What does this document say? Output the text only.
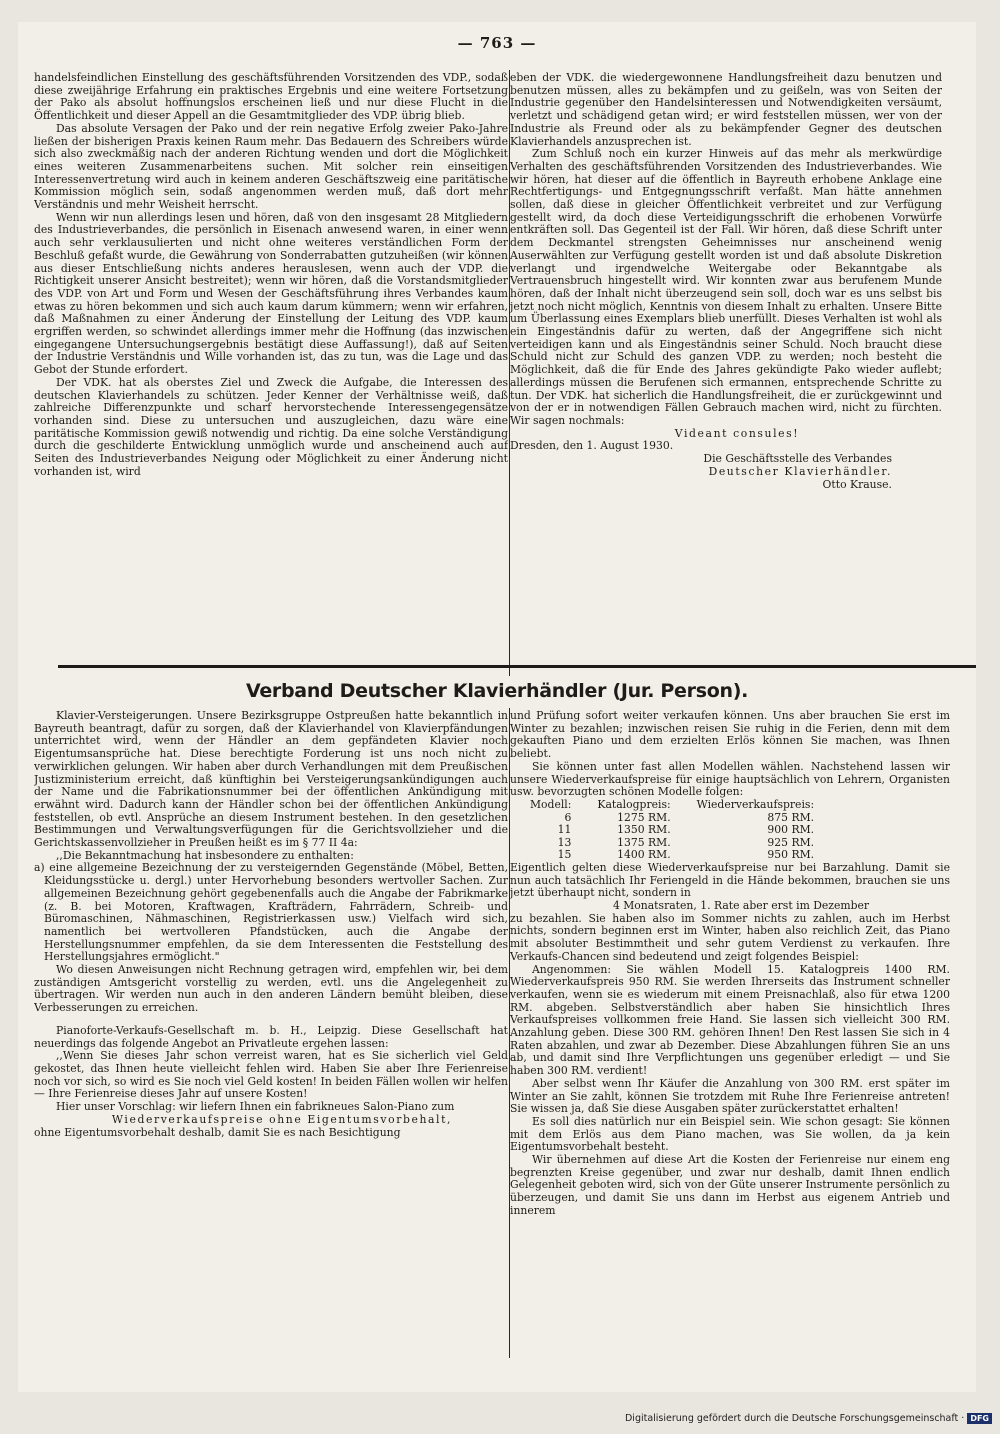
— 763 —

handelsfeindlichen Einstellung des geschäftsführenden Vorsitzenden des VDP., sodaß diese zweijährige Erfahrung ein praktisches Ergebnis und eine weitere Fortsetzung der Pako als absolut hoffnungslos erscheinen ließ und nur diese Flucht in die Öffentlichkeit und dieser Appell an die Gesamtmitglieder des VDP. übrig blieb.

Das absolute Versagen der Pako und der rein negative Erfolg zweier Pako-Jahre ließen der bisherigen Praxis keinen Raum mehr. Das Bedauern des Schreibers würde sich also zweckmäßig nach der anderen Richtung wenden und dort die Möglichkeit eines weiteren Zusammenarbeitens suchen. Mit solcher rein einseitigen Interessenvertretung wird auch in keinem anderen Geschäftszweig eine paritätische Kommission möglich sein, sodaß angenommen werden muß, daß dort mehr Verständnis und mehr Weisheit herrscht.

Wenn wir nun allerdings lesen und hören, daß von den insgesamt 28 Mitgliedern des Industrieverbandes, die persönlich in Eisenach anwesend waren, in einer wenn auch sehr verklausulierten und nicht ohne weiteres verständlichen Form der Beschluß gefaßt wurde, die Gewährung von Sonderrabatten gutzuheißen (wir können aus dieser Entschließung nichts anderes herauslesen, wenn auch der VDP. die Richtigkeit unserer Ansicht bestreitet); wenn wir hören, daß die Vorstandsmitglieder des VDP. von Art und Form und Wesen der Geschäftsführung ihres Verbandes kaum etwas zu hören bekommen und sich auch kaum darum kümmern; wenn wir erfahren, daß Maßnahmen zu einer Änderung der Einstellung der Leitung des VDP. kaum ergriffen werden, so schwindet allerdings immer mehr die Hoffnung (das inzwischen eingegangene Untersuchungsergebnis bestätigt diese Auffassung!), daß auf Seiten der Industrie Verständnis und Wille vorhanden ist, das zu tun, was die Lage und das Gebot der Stunde erfordert.

Der VDK. hat als oberstes Ziel und Zweck die Aufgabe, die Interessen des deutschen Klavierhandels zu schützen. Jeder Kenner der Verhältnisse weiß, daß zahlreiche Differenzpunkte und scharf hervorstechende Interessengegensätze vorhanden sind. Diese zu untersuchen und auszugleichen, dazu wäre eine paritätische Kommission gewiß notwendig und richtig. Da eine solche Verständigung durch die geschilderte Entwicklung unmöglich wurde und anscheinend auch auf Seiten des Industrieverbandes Neigung oder Möglichkeit zu einer Änderung nicht vorhanden ist, wird

eben der VDK. die wiedergewonnene Handlungsfreiheit dazu benutzen und benutzen müssen, alles zu bekämpfen und zu geißeln, was von Seiten der Industrie gegenüber den Handelsinteressen und Notwendigkeiten versäumt, verletzt und schädigend getan wird; er wird feststellen müssen, wer von der Industrie als Freund oder als zu bekämpfender Gegner des deutschen Klavierhandels anzusprechen ist.

Zum Schluß noch ein kurzer Hinweis auf das mehr als merkwürdige Verhalten des geschäftsführenden Vorsitzenden des Industrieverbandes. Wie wir hören, hat dieser auf die öffentlich in Bayreuth erhobene Anklage eine Rechtfertigungs- und Entgegnungsschrift verfaßt. Man hätte annehmen sollen, daß diese in gleicher Öffentlichkeit verbreitet und zur Verfügung gestellt wird, da doch diese Verteidigungsschrift die erhobenen Vorwürfe entkräften soll. Das Gegenteil ist der Fall. Wir hören, daß diese Schrift unter dem Deckmantel strengsten Geheimnisses nur anscheinend wenig Auserwählten zur Verfügung gestellt worden ist und daß absolute Diskretion verlangt und irgendwelche Weitergabe oder Bekanntgabe als Vertrauensbruch hingestellt wird. Wir konnten zwar aus berufenem Munde hören, daß der Inhalt nicht überzeugend sein soll, doch war es uns selbst bis jetzt noch nicht möglich, Kenntnis von diesem Inhalt zu erhalten. Unsere Bitte um Überlassung eines Exemplars blieb unerfüllt. Dieses Verhalten ist wohl als ein Eingeständnis dafür zu werten, daß der Angegriffene sich nicht verteidigen kann und als Eingeständnis seiner Schuld. Noch braucht diese Schuld nicht zur Schuld des ganzen VDP. zu werden; noch besteht die Möglichkeit, daß die für Ende des Jahres gekündigte Pako wieder auflebt; allerdings müssen die Berufenen sich ermannen, entsprechende Schritte zu tun. Der VDK. hat sicherlich die Handlungsfreiheit, die er zurückgewinnt und von der er in notwendigen Fällen Gebrauch machen wird, nicht zu fürchten. Wir sagen nochmals:

Videant consules!

Dresden, den 1. August 1930.

Die Geschäftsstelle des Verbandes

Deutscher Klavierhändler.

Otto Krause.

Verband Deutscher Klavierhändler (Jur. Person).

Klavier-Versteigerungen. Unsere Bezirksgruppe Ostpreußen hatte bekanntlich in Bayreuth beantragt, dafür zu sorgen, daß der Klavierhandel von Klavierpfändungen unterrichtet wird, wenn der Händler an dem gepfändeten Klavier noch Eigentumsansprüche hat. Diese berechtigte Forderung ist uns noch nicht zu verwirklichen gelungen. Wir haben aber durch Verhandlungen mit dem Preußischen Justizministerium erreicht, daß künftighin bei Versteigerungsankündigungen auch der Name und die Fabrikationsnummer bei der öffentlichen Ankündigung mit erwähnt wird. Dadurch kann der Händler schon bei der öffentlichen Ankündigung feststellen, ob evtl. Ansprüche an diesem Instrument bestehen. In den gesetzlichen Bestimmungen und Verwaltungsverfügungen für die Gerichtsvollzieher und die Gerichtskassenvollzieher in Preußen heißt es im § 77 II 4a:

,,Die Bekanntmachung hat insbesondere zu enthalten:

a) eine allgemeine Bezeichnung der zu versteigernden Gegenstände (Möbel, Betten, Kleidungsstücke u. dergl.) unter Hervorhebung besonders wertvoller Sachen. Zur allgemeinen Bezeichnung gehört gegebenenfalls auch die Angabe der Fabrikmarke (z. B. bei Motoren, Kraftwagen, Krafträdern, Fahrrädern, Schreib- und Büromaschinen, Nähmaschinen, Registrierkassen usw.) Vielfach wird sich, namentlich bei wertvolleren Pfandstücken, auch die Angabe der Herstellungsnummer empfehlen, da sie dem Interessenten die Feststellung des Herstellungsjahres ermöglicht."

Wo diesen Anweisungen nicht Rechnung getragen wird, empfehlen wir, bei dem zuständigen Amtsgericht vorstellig zu werden, evtl. uns die Angelegenheit zu übertragen. Wir werden nun auch in den anderen Ländern bemüht bleiben, diese Verbesserungen zu erreichen.

Pianoforte-Verkaufs-Gesellschaft m. b. H., Leipzig. Diese Gesellschaft hat neuerdings das folgende Angebot an Privatleute ergehen lassen:

,,Wenn Sie dieses Jahr schon verreist waren, hat es Sie sicherlich viel Geld gekostet, das Ihnen heute vielleicht fehlen wird. Haben Sie aber Ihre Ferienreise noch vor sich, so wird es Sie noch viel Geld kosten! In beiden Fällen wollen wir helfen — Ihre Ferienreise dieses Jahr auf unsere Kosten!

Hier unser Vorschlag: wir liefern Ihnen ein fabrikneues Salon-Piano zum

Wiederverkaufspreise ohne Eigentumsvorbehalt,

ohne Eigentumsvorbehalt deshalb, damit Sie es nach Besichtigung

und Prüfung sofort weiter verkaufen können. Uns aber brauchen Sie erst im Winter zu bezahlen; inzwischen reisen Sie ruhig in die Ferien, denn mit dem gekauften Piano und dem erzielten Erlös können Sie machen, was Ihnen beliebt.

Sie können unter fast allen Modellen wählen. Nachstehend lassen wir unsere Wiederverkaufspreise für einige hauptsächlich von Lehrern, Organisten usw. bevorzugten schönen Modelle folgen:

Modell:	Katalogpreis:	Wiederverkaufspreis:
6	1275 RM.	875 RM.
11	1350 RM.	900 RM.
13	1375 RM.	925 RM.
15	1400 RM.	950 RM.

Eigentlich gelten diese Wiederverkaufspreise nur bei Barzahlung. Damit sie nun auch tatsächlich Ihr Feriengeld in die Hände bekommen, brauchen sie uns jetzt überhaupt nicht, sondern in

4 Monatsraten, 1. Rate aber erst im Dezember

zu bezahlen. Sie haben also im Sommer nichts zu zahlen, auch im Herbst nichts, sondern beginnen erst im Winter, haben also reichlich Zeit, das Piano mit absoluter Bestimmtheit und sehr gutem Verdienst zu verkaufen. Ihre Verkaufs-Chancen sind bedeutend und zeigt folgendes Beispiel:

Angenommen: Sie wählen Modell 15. Katalogpreis 1400 RM. Wiederverkaufspreis 950 RM. Sie werden Ihrerseits das Instrument schneller verkaufen, wenn sie es wiederum mit einem Preisnachlaß, also für etwa 1200 RM. abgeben. Selbstverständlich aber haben Sie hinsichtlich Ihres Verkaufspreises vollkommen freie Hand. Sie lassen sich vielleicht 300 RM. Anzahlung geben. Diese 300 RM. gehören Ihnen! Den Rest lassen Sie sich in 4 Raten abzahlen, und zwar ab Dezember. Diese Abzahlungen führen Sie an uns ab, und damit sind Ihre Verpflichtungen uns gegenüber erledigt — und Sie haben 300 RM. verdient!

Aber selbst wenn Ihr Käufer die Anzahlung von 300 RM. erst später im Winter an Sie zahlt, können Sie trotzdem mit Ruhe Ihre Ferienreise antreten! Sie wissen ja, daß Sie diese Ausgaben später zurückerstattet erhalten!

Es soll dies natürlich nur ein Beispiel sein. Wie schon gesagt: Sie können mit dem Erlös aus dem Piano machen, was Sie wollen, da ja kein Eigentumsvorbehalt besteht.

Wir übernehmen auf diese Art die Kosten der Ferienreise nur einem eng begrenzten Kreise gegenüber, und zwar nur deshalb, damit Ihnen endlich Gelegenheit geboten wird, sich von der Güte unserer Instrumente persönlich zu überzeugen, und damit Sie uns dann im Herbst aus eigenem Antrieb und innerem

Digitalisierung gefördert durch die Deutsche Forschungsgemeinschaft · DFG
